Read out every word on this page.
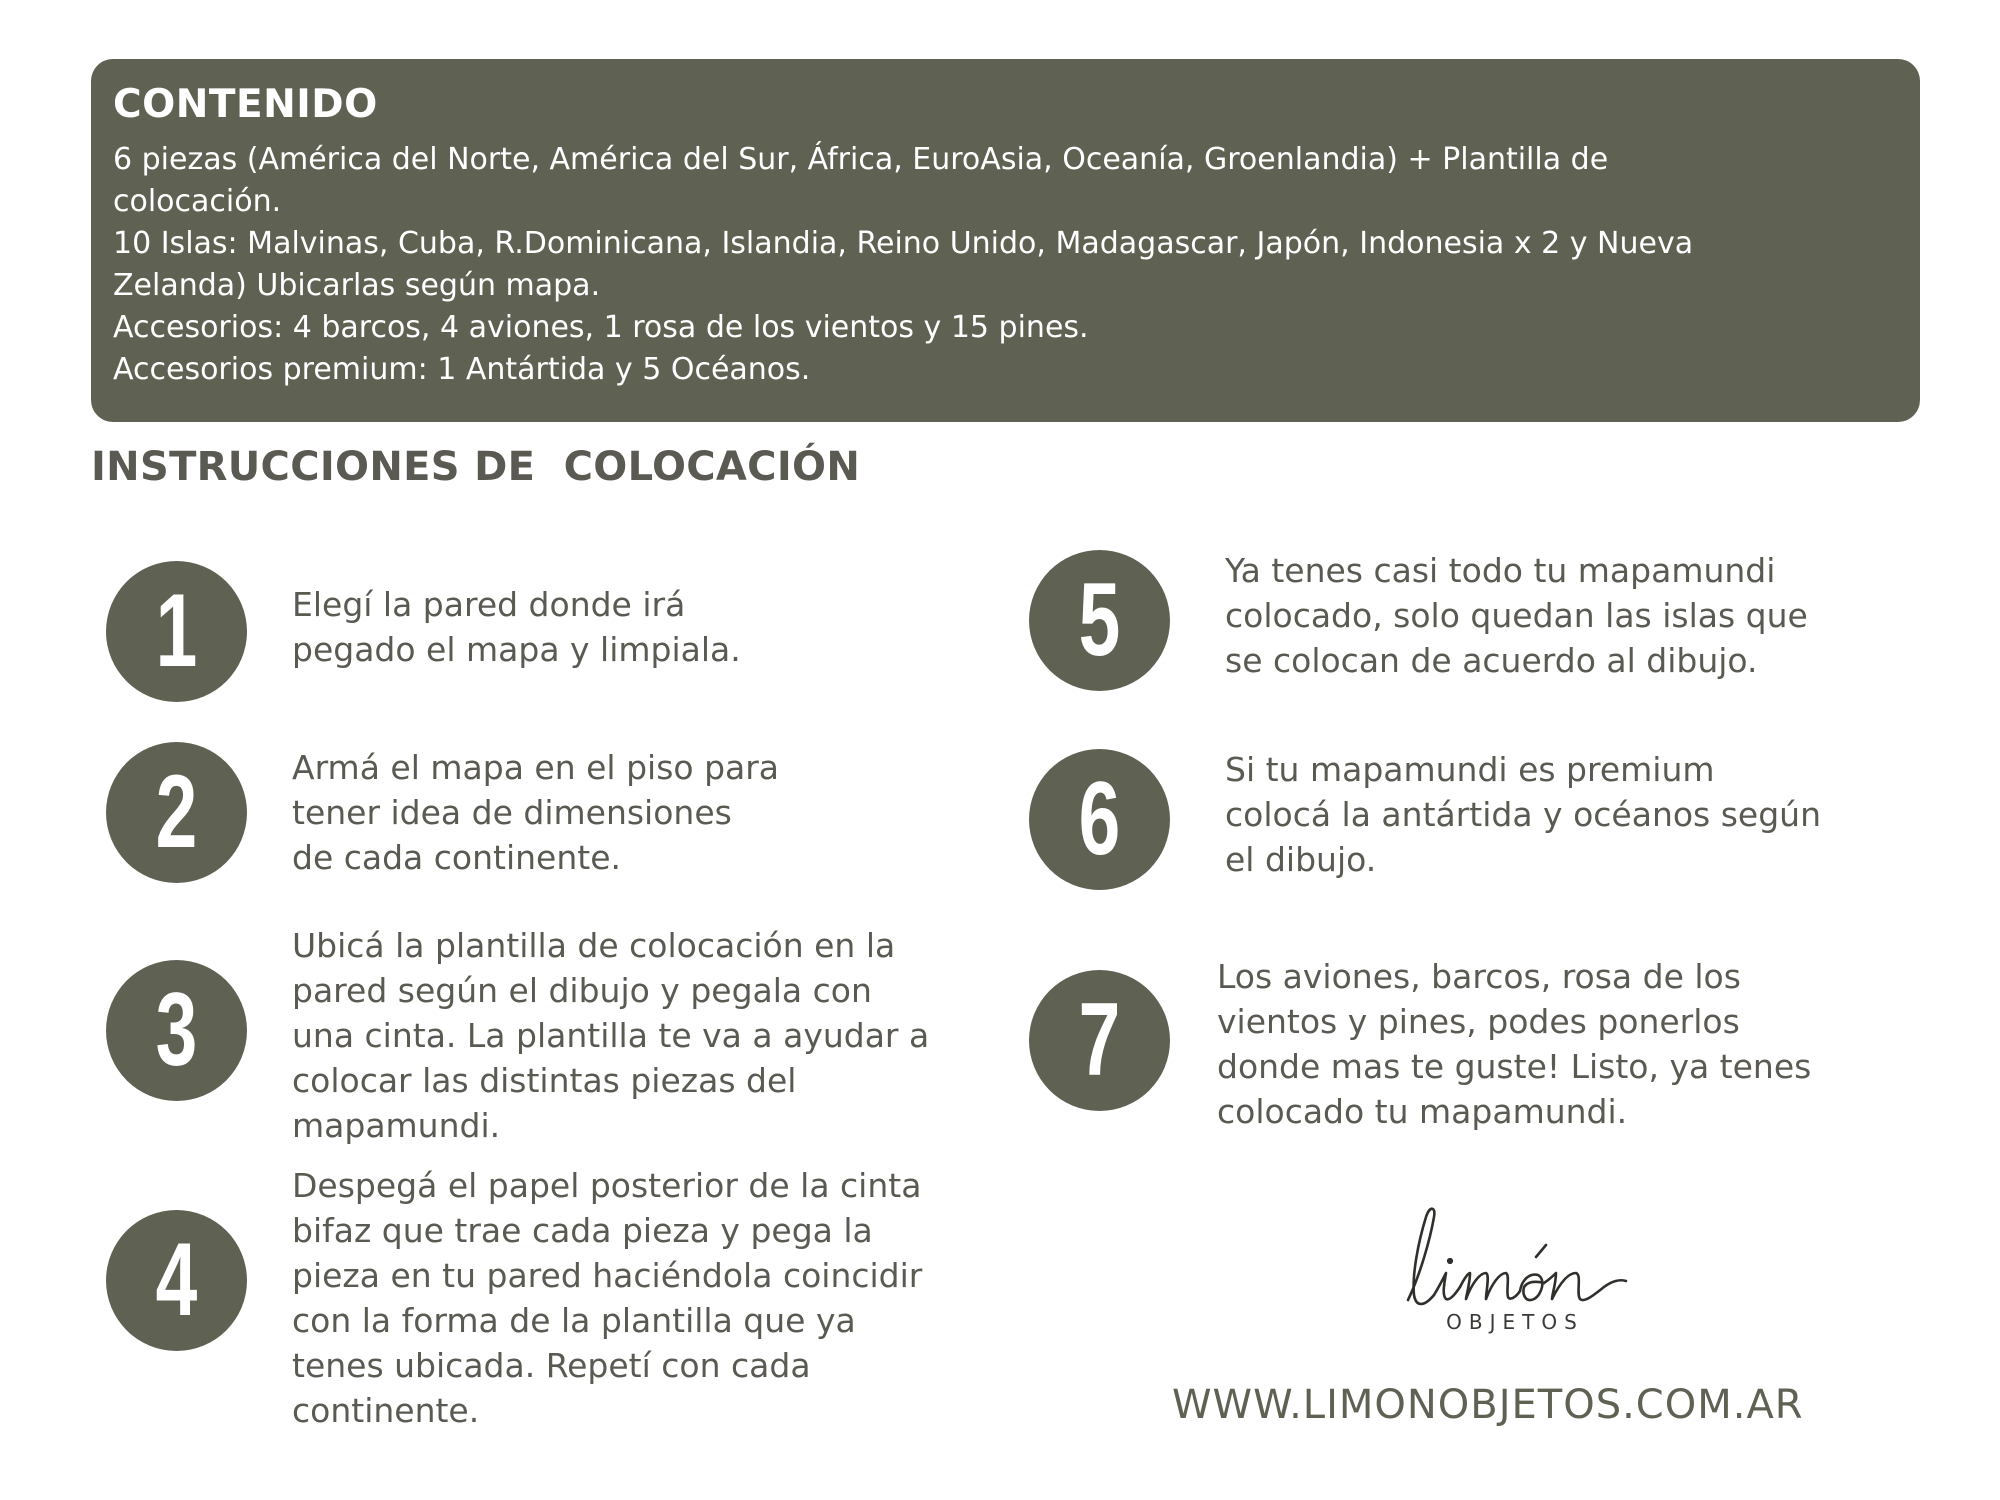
CONTENIDO

6 piezas (América del Norte, América del Sur, África, EuroAsia, Oceanía, Groenlandia) + Plantilla de

colocación.

10 Islas: Malvinas, Cuba, R.Dominicana, Islandia, Reino Unido, Madagascar, Japón, Indonesia x 2 y Nueva

Zelanda) Ubicarlas según mapa.

Accesorios: 4 barcos, 4 aviones, 1 rosa de los vientos y 15 pines.

Accesorios premium: 1 Antártida y 5 Océanos.

INSTRUCCIONES DE  COLOCACIÓN
1	Elegí la pared donde irá
pegado el mapa y limpiala.
2	Armá el mapa en el piso para
tener idea de dimensiones
de cada continente.
3
Ubicá la plantilla de colocación en la
pared según el dibujo y pegala con
una cinta. La plantilla te va a ayudar a
colocar las distintas piezas del
mapamundi.
4
Despegá el papel posterior de la cinta
bifaz que trae cada pieza y pega la
pieza en tu pared haciéndola coincidir
con la forma de la plantilla que ya
tenes ubicada. Repetí con cada
continente.
5	Ya tenes casi todo tu mapamundi
colocado, solo quedan las islas que
se colocan de acuerdo al dibujo.
6	Si tu mapamundi es premium
colocá la antártida y océanos según
el dibujo.
7
Los aviones, barcos, rosa de los
vientos y pines, podes ponerlos
donde mas te guste! Listo, ya tenes
colocado tu mapamundi.
OBJETOS
WWW.LIMONOBJETOS.COM.AR
